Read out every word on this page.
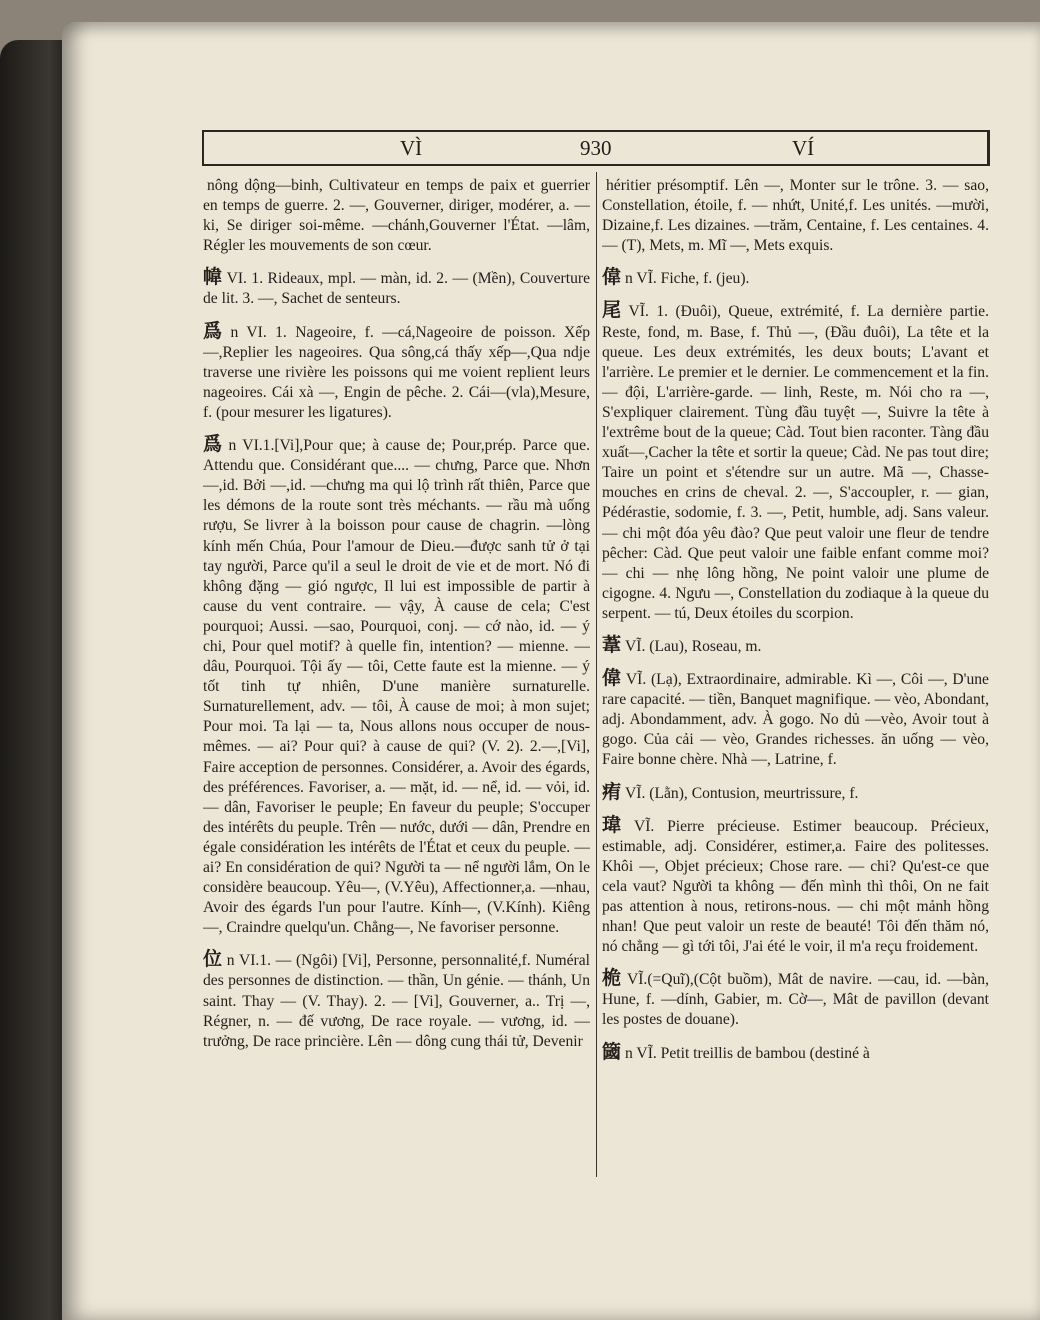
VÌ	930	VÍ
nông dộng—binh, Cultivateur en temps de paix et guerrier en temps de guerre. 2. —, Gouverner, diriger, modérer, a. — ki, Se diriger soi-même. —chánh,Gouverner l'État. —lâm, Régler les mouvements de son cœur.
幃 VI. 1. Rideaux, mpl. — màn, id. 2. — (Mền), Couverture de lit. 3. —, Sachet de senteurs.
爲 n VI. 1. Nageoire, f. —cá,Nageoire de poisson. Xếp—,Replier les nageoires. Qua sông,cá thấy xếp—,Qua ndje traverse une rivière les poissons qui me voient replient leurs nageoires. Cái xà —, Engin de pêche. 2. Cái—(vla),Mesure, f. (pour mesurer les ligatures).
爲 n VI.1.[Vi],Pour que; à cause de; Pour,prép. Parce que. Attendu que. Considérant que.... — chưng, Parce que. Nhơn —,id. Bởi —,id. —chưng ma qui lộ trình rất thiên, Parce que les démons de la route sont très méchants. — rầu mà uống rượu, Se livrer à la boisson pour cause de chagrin. —lòng kính mến Chúa, Pour l'amour de Dieu.—được sanh tử ở tại tay người, Parce qu'il a seul le droit de vie et de mort. Nó đi không đặng — gió ngược, Il lui est impossible de partir à cause du vent contraire. — vậy, À cause de cela; C'est pourquoi; Aussi. —sao, Pourquoi, conj. — cớ nào, id. — ý chi, Pour quel motif? à quelle fin, intention? — mienne. — dâu, Pourquoi. Tội ấy — tôi, Cette faute est la mienne. — ý tốt tinh tự nhiên, D'une manière surnaturelle. Surnaturellement, adv. — tôi, À cause de moi; à mon sujet; Pour moi. Ta lại — ta, Nous allons nous occuper de nous-mêmes. — ai? Pour qui? à cause de qui? (V. 2). 2.—,[Vi], Faire acception de personnes. Considérer, a. Avoir des égards, des préférences. Favoriser, a. — mặt, id. — nể, id. — vỏi, id. — dân, Favoriser le peuple; En faveur du peuple; S'occuper des intérêts du peuple. Trên — nước, dưới — dân, Prendre en égale considération les intérêts de l'État et ceux du peuple. — ai? En considération de qui? Người ta — nể người lắm, On le considère beaucoup. Yêu—, (V.Yêu), Affectionner,a. —nhau, Avoir des égards l'un pour l'autre. Kính—, (V.Kính). Kiêng —, Craindre quelqu'un. Chẳng—, Ne favoriser personne.
位 n VI.1. — (Ngôi) [Vi], Personne, personnalité,f. Numéral des personnes de distinction. — thần, Un génie. — thánh, Un saint. Thay — (V. Thay). 2. — [Vi], Gouverner, a.. Trị —, Régner, n. — đế vương, De race royale. — vương, id. — trưởng, De race princière. Lên — dông cung thái tử, Devenir
héritier présomptif. Lên —, Monter sur le trône. 3. — sao, Constellation, étoile, f. — nhứt, Unité,f. Les unités. —mười, Dizaine,f. Les dizaines. —trăm, Centaine, f. Les centaines. 4. — (T), Mets, m. Mĩ —, Mets exquis.
偉 n VĨ. Fiche, f. (jeu).
尾 VĨ. 1. (Đuôi), Queue, extrémité, f. La dernière partie. Reste, fond, m. Base, f. Thủ —, (Đầu đuôi), La tête et la queue. Les deux extrémités, les deux bouts; L'avant et l'arrière. Le premier et le dernier. Le commencement et la fin. — đội, L'arrière-garde. — linh, Reste, m. Nói cho ra —, S'expliquer clairement. Tùng đầu tuyệt —, Suivre la tête à l'extrême bout de la queue; Càd. Tout bien raconter. Tàng đầu xuất—,Cacher la tête et sortir la queue; Càd. Ne pas tout dire; Taire un point et s'étendre sur un autre. Mã —, Chasse-mouches en crins de cheval. 2. —, S'accoupler, r. — gian, Pédérastie, sodomie, f. 3. —, Petit, humble, adj. Sans valeur. — chi một đóa yêu đào? Que peut valoir une fleur de tendre pêcher: Càd. Que peut valoir une faible enfant comme moi? — chi — nhẹ lông hồng, Ne point valoir une plume de cigogne. 4. Ngưu —, Constellation du zodiaque à la queue du serpent. — tú, Deux étoiles du scorpion.
葦 VĨ. (Lau), Roseau, m.
偉 VĨ. (Lạ), Extraordinaire, admirable. Kì —, Côi —, D'une rare capacité. — tiền, Banquet magnifique. — vèo, Abondant, adj. Abondamment, adv. À gogo. No dủ —vèo, Avoir tout à gogo. Của cải — vèo, Grandes richesses. ăn uống — vèo, Faire bonne chère. Nhà —, Latrine, f.
痏 VĨ. (Lằn), Contusion, meurtrissure, f.
瑋 VĨ. Pierre précieuse. Estimer beaucoup. Précieux, estimable, adj. Considérer, estimer,a. Faire des politesses. Khôi —, Objet précieux; Chose rare. — chi? Qu'est-ce que cela vaut? Người ta không — đến mình thì thôi, On ne fait pas attention à nous, retirons-nous. — chi một mảnh hồng nhan! Que peut valoir un reste de beauté! Tôi đến thăm nó, nó chẳng — gì tới tôi, J'ai été le voir, il m'a reçu froidement.
桅 VĨ.(=Quĩ),(Cột buồm), Mât de navire. —cau, id. —bàn, Hune, f. —dính, Gabier, m. Cờ—, Mât de pavillon (devant les postes de douane).
簂 n VĨ. Petit treillis de bambou (destiné à
